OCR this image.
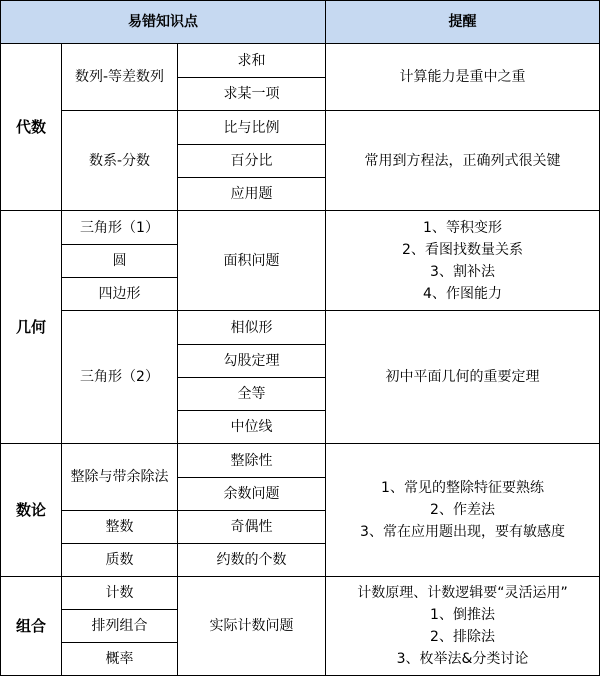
易错知识点			提醒
代数	数列-等差数列	求和	计算能力是重中之重

		求某一项	
	数系-分数	比与比例	常用到方程法，正确列式很关键

		百分比	
		应用题	
几何	三角形（1）	面积问题	1、等积变形
2、看图找数量关系
3、割补法
4、作图能力

	圆		
	四边形		
	三角形（2）	相似形	初中平面几何的重要定理

		勾股定理	
		全等	
		中位线	
数论	整除与带余除法	整除性	1、常见的整除特征要熟练
2、作差法
3、常在应用题出现，要有敏感度

		余数问题	
	整数	奇偶性	
	质数	约数的个数	
组合	计数	实际计数问题	计数原理、计数逻辑要“灵活运用”
1、倒推法
2、排除法
3、枚举法&分类讨论

	排列组合		
	概率		
